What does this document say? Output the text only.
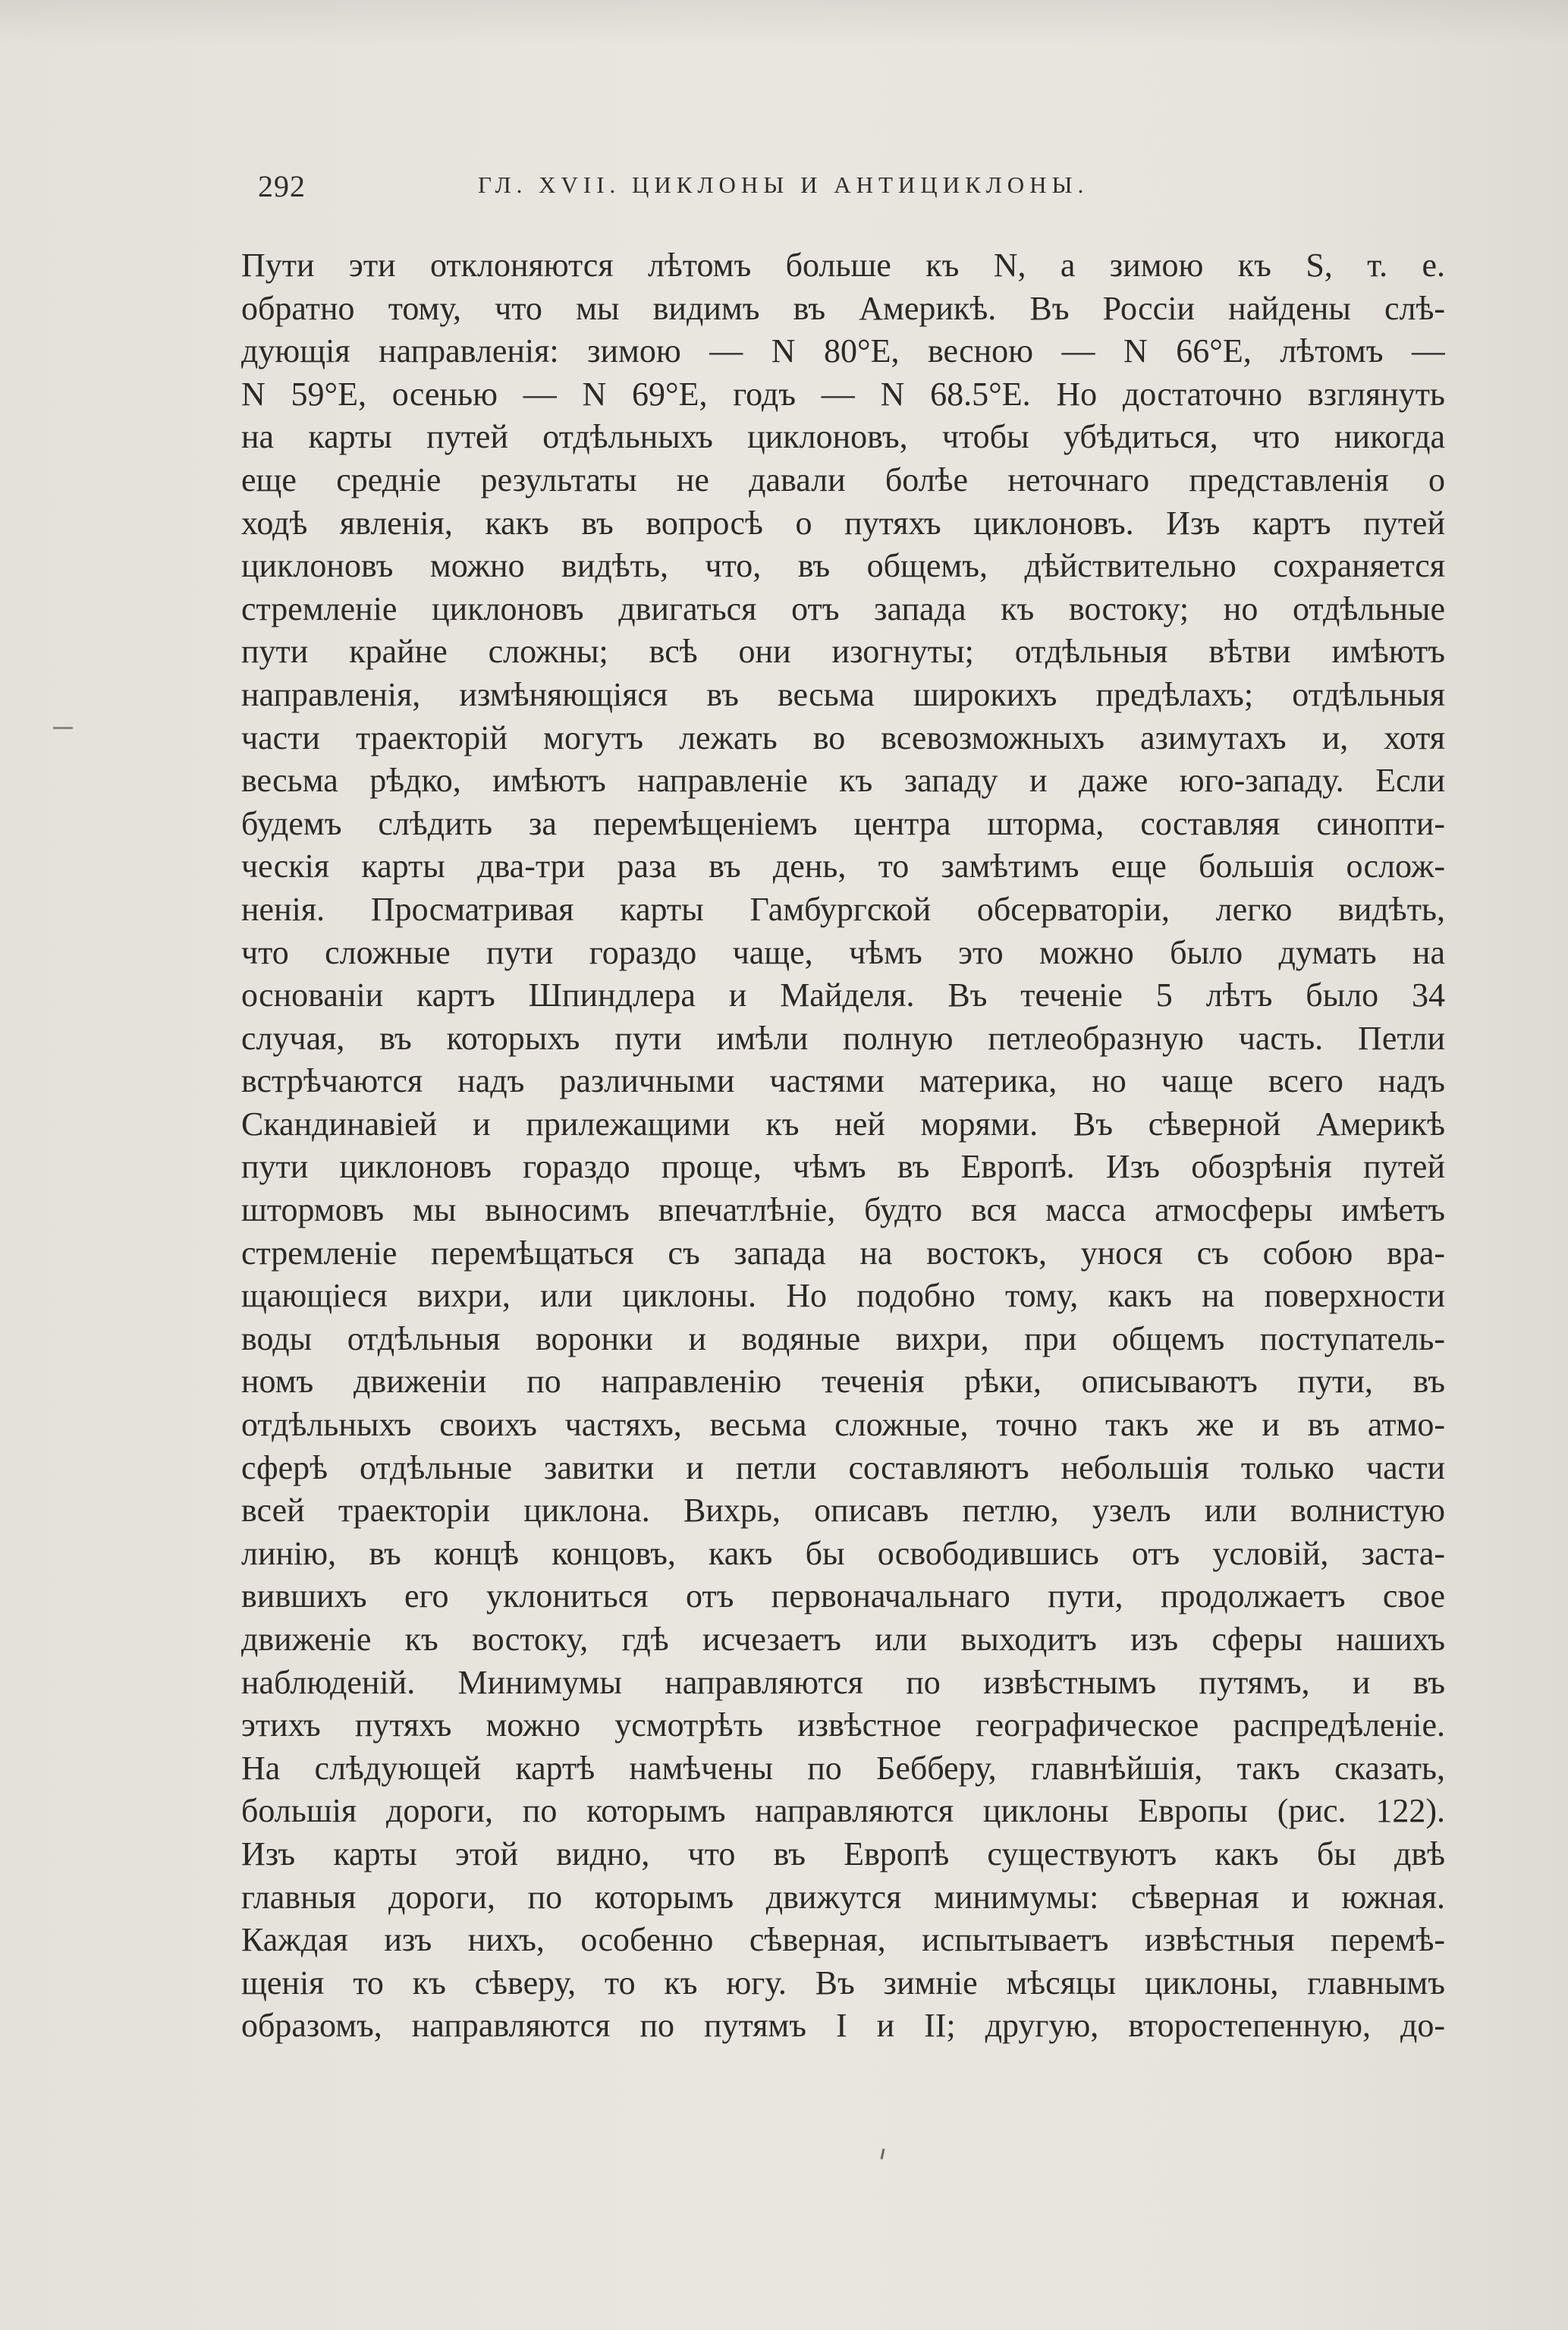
292	ГЛ. XVII. ЦИКЛОНЫ И АНТИЦИКЛОНЫ.
Пути эти отклоняются лѣтомъ больше къ N, а зимою къ S, т. е.
обратно тому, что мы видимъ въ Америкѣ. Въ Россіи найдены слѣ-
дующія направленія: зимою — N 80°E, весною — N 66°E, лѣтомъ —
N 59°E, осенью — N 69°E, годъ — N 68.5°E. Но достаточно взглянуть
на карты путей отдѣльныхъ циклоновъ, чтобы убѣдиться, что никогда
еще средніе результаты не давали болѣе неточнаго представленія о
ходѣ явленія, какъ въ вопросѣ о путяхъ циклоновъ. Изъ картъ путей
циклоновъ можно видѣть, что, въ общемъ, дѣйствительно сохраняется
стремленіе циклоновъ двигаться отъ запада къ востоку; но отдѣльные
пути крайне сложны; всѣ они изогнуты; отдѣльныя вѣтви имѣютъ
направленія, измѣняющіяся въ весьма широкихъ предѣлахъ; отдѣльныя
части траекторій могутъ лежать во всевозможныхъ азимутахъ и, хотя
весьма рѣдко, имѣютъ направленіе къ западу и даже юго-западу. Если
будемъ слѣдить за перемѣщеніемъ центра шторма, составляя синопти-
ческія карты два-три раза въ день, то замѣтимъ еще большія ослож-
ненія. Просматривая карты Гамбургской обсерваторіи, легко видѣть,
что сложные пути гораздо чаще, чѣмъ это можно было думать на
основаніи картъ Шпиндлера и Майделя. Въ теченіе 5 лѣтъ было 34
случая, въ которыхъ пути имѣли полную петлеобразную часть. Петли
встрѣчаются надъ различными частями материка, но чаще всего надъ
Скандинавіей и прилежащими къ ней морями. Въ сѣверной Америкѣ
пути циклоновъ гораздо проще, чѣмъ въ Европѣ. Изъ обозрѣнія путей
штормовъ мы выносимъ впечатлѣніе, будто вся масса атмосферы имѣетъ
стремленіе перемѣщаться съ запада на востокъ, унося съ собою вра-
щающіеся вихри, или циклоны. Но подобно тому, какъ на поверхности
воды отдѣльныя воронки и водяные вихри, при общемъ поступатель-
номъ движеніи по направленію теченія рѣки, описываютъ пути, въ
отдѣльныхъ своихъ частяхъ, весьма сложные, точно такъ же и въ атмо-
сферѣ отдѣльные завитки и петли составляютъ небольшія только части
всей траекторіи циклона. Вихрь, описавъ петлю, узелъ или волнистую
линію, въ концѣ концовъ, какъ бы освободившись отъ условій, заста-
вившихъ его уклониться отъ первоначальнаго пути, продолжаетъ свое
движеніе къ востоку, гдѣ исчезаетъ или выходитъ изъ сферы нашихъ
наблюденій. Минимумы направляются по извѣстнымъ путямъ, и въ
этихъ путяхъ можно усмотрѣть извѣстное географическое распредѣленіе.
На слѣдующей картѣ намѣчены по Бебберу, главнѣйшія, такъ сказать,
большія дороги, по которымъ направляются циклоны Европы (рис. 122).
Изъ карты этой видно, что въ Европѣ существуютъ какъ бы двѣ
главныя дороги, по которымъ движутся минимумы: сѣверная и южная.
Каждая изъ нихъ, особенно сѣверная, испытываетъ извѣстныя перемѣ-
щенія то къ сѣверу, то къ югу. Въ зимніе мѣсяцы циклоны, главнымъ
образомъ, направляются по путямъ I и II; другую, второстепенную, до-
